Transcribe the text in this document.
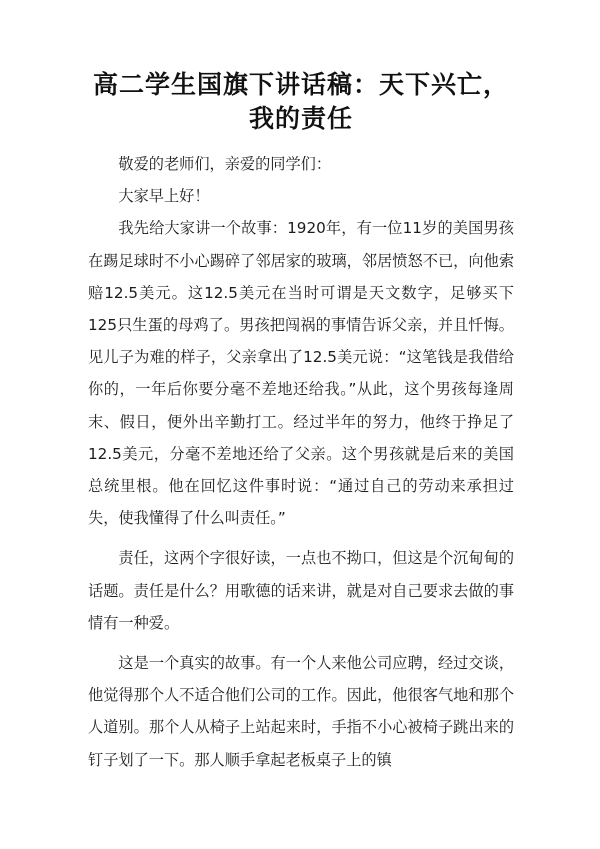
高二学生国旗下讲话稿：天下兴亡，我的责任

敬爱的老师们，亲爱的同学们：

大家早上好！

我先给大家讲一个故事：1920年，有一位11岁的美国男孩在踢足球时不小心踢碎了邻居家的玻璃，邻居愤怒不已，向他索赔12.5美元。这12.5美元在当时可谓是天文数字，足够买下125只生蛋的母鸡了。男孩把闯祸的事情告诉父亲，并且忏悔。见儿子为难的样子，父亲拿出了12.5美元说：“这笔钱是我借给你的，一年后你要分毫不差地还给我。”从此，这个男孩每逢周末、假日，便外出辛勤打工。经过半年的努力，他终于挣足了12.5美元，分毫不差地还给了父亲。这个男孩就是后来的美国总统里根。他在回忆这件事时说：“通过自己的劳动来承担过失，使我懂得了什么叫责任。”

责任，这两个字很好读，一点也不拗口，但这是个沉甸甸的话题。责任是什么？用歌德的话来讲，就是对自己要求去做的事情有一种爱。

这是一个真实的故事。有一个人来他公司应聘，经过交谈，他觉得那个人不适合他们公司的工作。因此，他很客气地和那个人道别。那个人从椅子上站起来时，手指不小心被椅子跳出来的钉子划了一下。那人顺手拿起老板桌子上的镇
